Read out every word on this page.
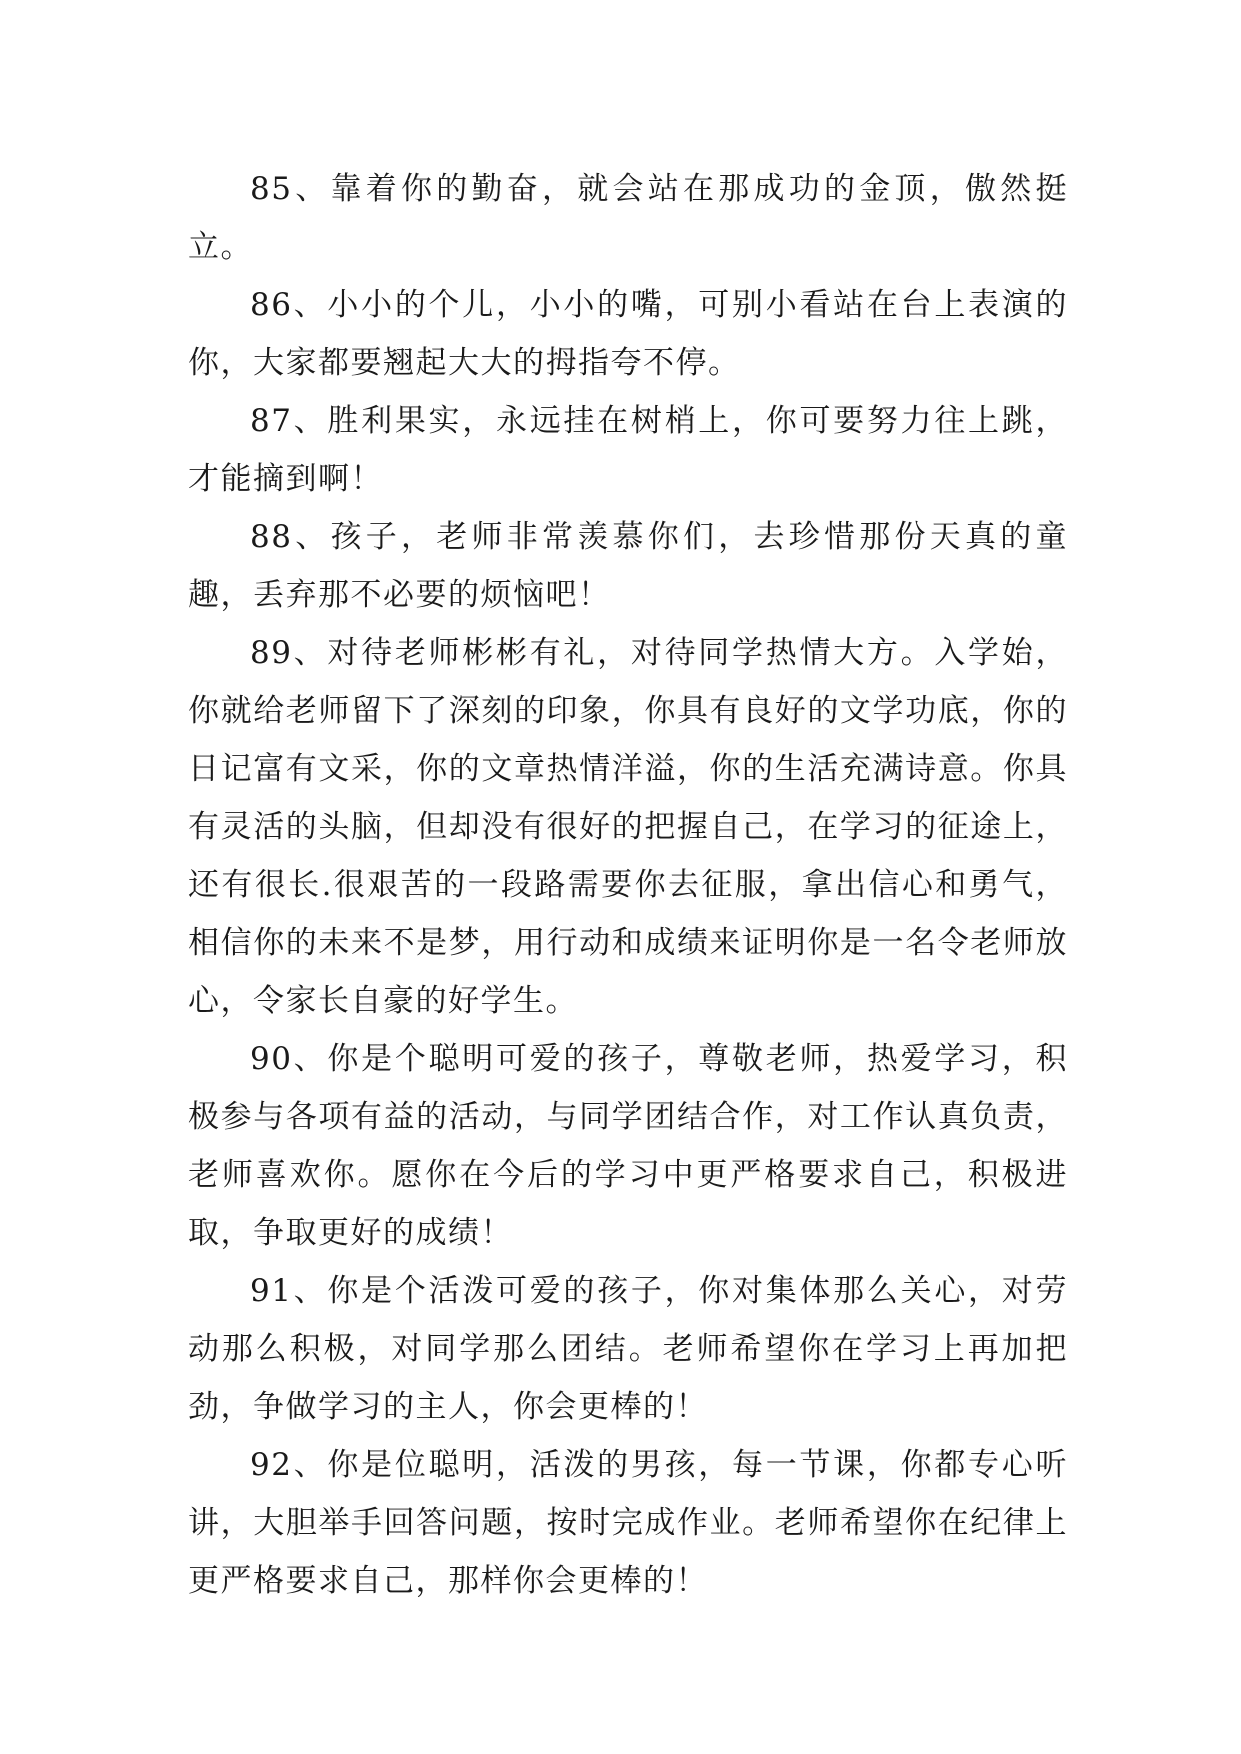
85、靠着你的勤奋，就会站在那成功的金顶，傲然挺立。

86、小小的个儿，小小的嘴，可别小看站在台上表演的你，大家都要翘起大大的拇指夸不停。

87、胜利果实，永远挂在树梢上，你可要努力往上跳，才能摘到啊！

88、孩子，老师非常羡慕你们，去珍惜那份天真的童趣，丢弃那不必要的烦恼吧！

89、对待老师彬彬有礼，对待同学热情大方。入学始，你就给老师留下了深刻的印象，你具有良好的文学功底，你的日记富有文采，你的文章热情洋溢，你的生活充满诗意。你具有灵活的头脑，但却没有很好的把握自己，在学习的征途上，还有很长.很艰苦的一段路需要你去征服，拿出信心和勇气，相信你的未来不是梦，用行动和成绩来证明你是一名令老师放心，令家长自豪的好学生。

90、你是个聪明可爱的孩子，尊敬老师，热爱学习，积极参与各项有益的活动，与同学团结合作，对工作认真负责，老师喜欢你。愿你在今后的学习中更严格要求自己，积极进取，争取更好的成绩！

91、你是个活泼可爱的孩子，你对集体那么关心，对劳动那么积极，对同学那么团结。老师希望你在学习上再加把劲，争做学习的主人，你会更棒的！

92、你是位聪明，活泼的男孩，每一节课，你都专心听讲，大胆举手回答问题，按时完成作业。老师希望你在纪律上更严格要求自己，那样你会更棒的！
